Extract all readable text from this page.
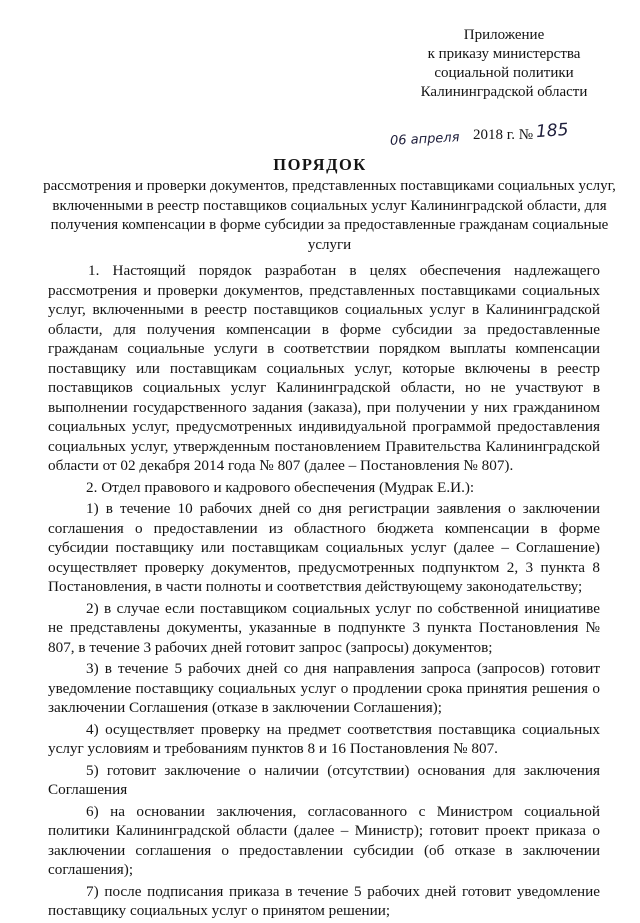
Приложение
к приказу министерства
социальной политики
Калининградской области
06 апреля 2018 г. № 185
ПОРЯДОК
рассмотрения и проверки документов, представленных поставщиками социальных услуг, включенными в реестр поставщиков социальных услуг Калининградской области, для получения компенсации в форме субсидии за предоставленные гражданам социальные услуги

1. Настоящий порядок разработан в целях обеспечения надлежащего рассмотрения и проверки документов, представленных поставщиками социальных услуг, включенными в реестр поставщиков социальных услуг в Калининградской области, для получения компенсации в форме субсидии за предоставленные гражданам социальные услуги в соответствии порядком выплаты компенсации поставщику или поставщикам социальных услуг, которые включены в реестр поставщиков социальных услуг Калининградской области, но не участвуют в выполнении государственного задания (заказа), при получении у них гражданином социальных услуг, предусмотренных индивидуальной программой предоставления социальных услуг, утвержденным постановлением Правительства Калининградской области от 02 декабря 2014 года № 807 (далее – Постановления № 807).

2. Отдел правового и кадрового обеспечения (Мудрак Е.И.):

1) в течение 10 рабочих дней со дня регистрации заявления о заключении соглашения о предоставлении из областного бюджета компенсации в форме субсидии поставщику или поставщикам социальных услуг (далее – Соглашение) осуществляет проверку документов, предусмотренных подпунктом 2, 3 пункта 8 Постановления, в части полноты и соответствия действующему законодательству;

2) в случае если поставщиком социальных услуг по собственной инициативе не представлены документы, указанные в подпункте 3 пункта Постановления № 807, в течение 3 рабочих дней готовит запрос (запросы) документов;

3) в течение 5 рабочих дней со дня направления запроса (запросов) готовит уведомление поставщику социальных услуг о продлении срока принятия решения о заключении Соглашения (отказе в заключении Соглашения);

4) осуществляет проверку на предмет соответствия поставщика социальных услуг условиям и требованиям пунктов 8 и 16 Постановления № 807.

5) готовит заключение о наличии (отсутствии) основания для заключения Соглашения

6) на основании заключения, согласованного с Министром социальной политики Калининградской области (далее – Министр); готовит проект приказа о заключении соглашения о предоставлении субсидии (об отказе в заключении соглашения);

7) после подписания приказа в течение 5 рабочих дней готовит уведомление поставщику социальных услуг о принятом решении;
